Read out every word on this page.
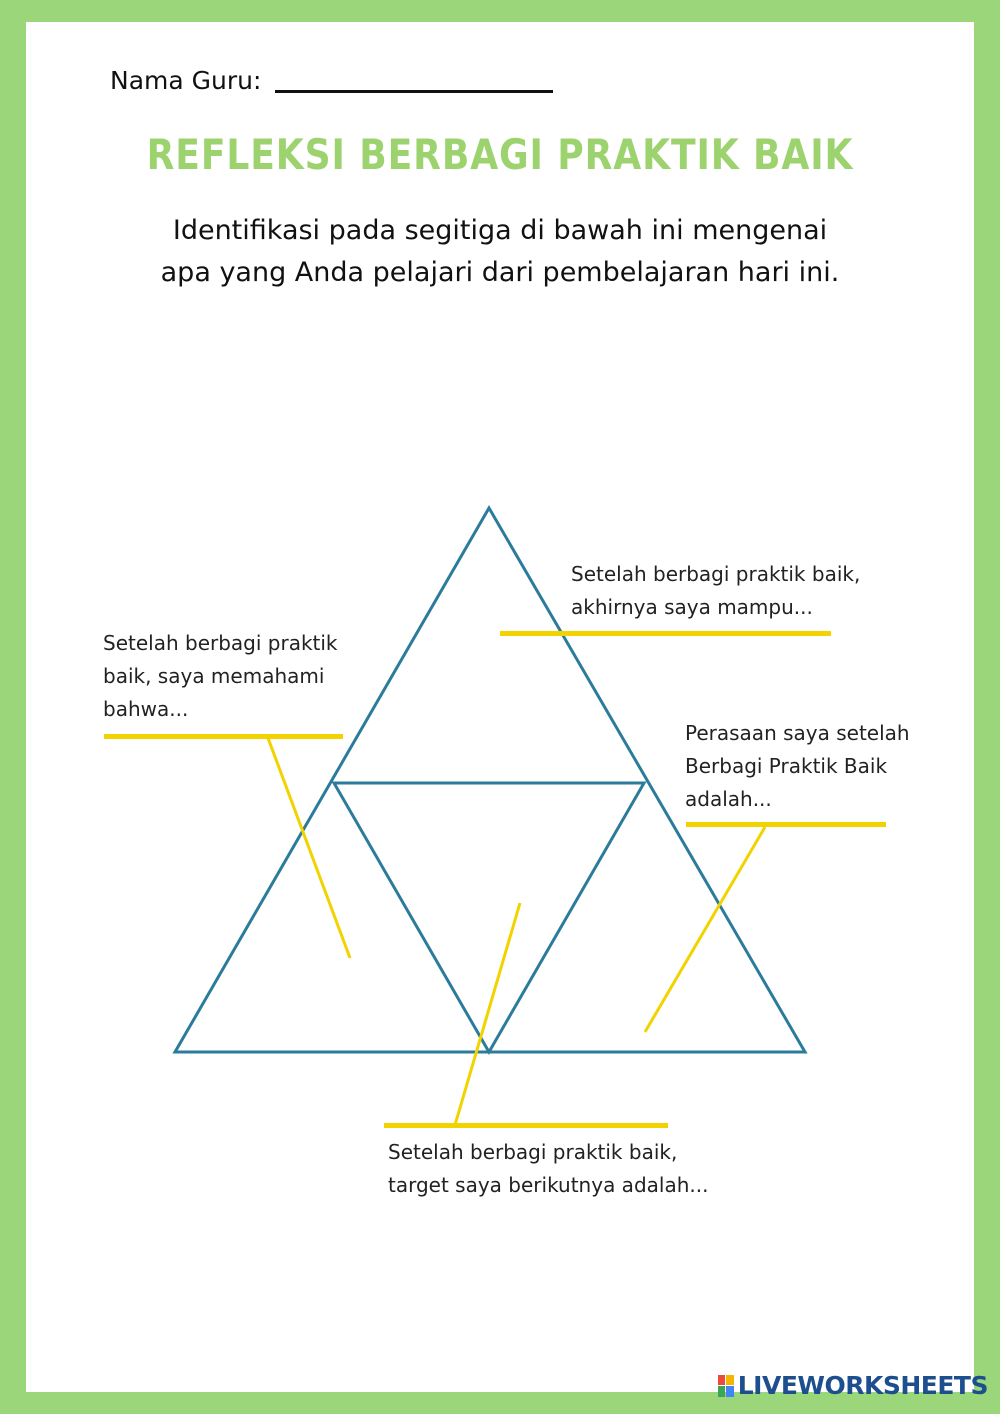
Nama Guru:
REFLEKSI BERBAGI PRAKTIK BAIK
Identifikasi pada segitiga di bawah ini mengenai
apa yang Anda pelajari dari pembelajaran hari ini.
Setelah berbagi praktik baik,
akhirnya saya mampu...
Setelah berbagi praktik
baik, saya memahami
bahwa...
Perasaan saya setelah
Berbagi Praktik Baik
adalah...
Setelah berbagi praktik baik,
target saya berikutnya adalah...
LIVEWORKSHEETS
